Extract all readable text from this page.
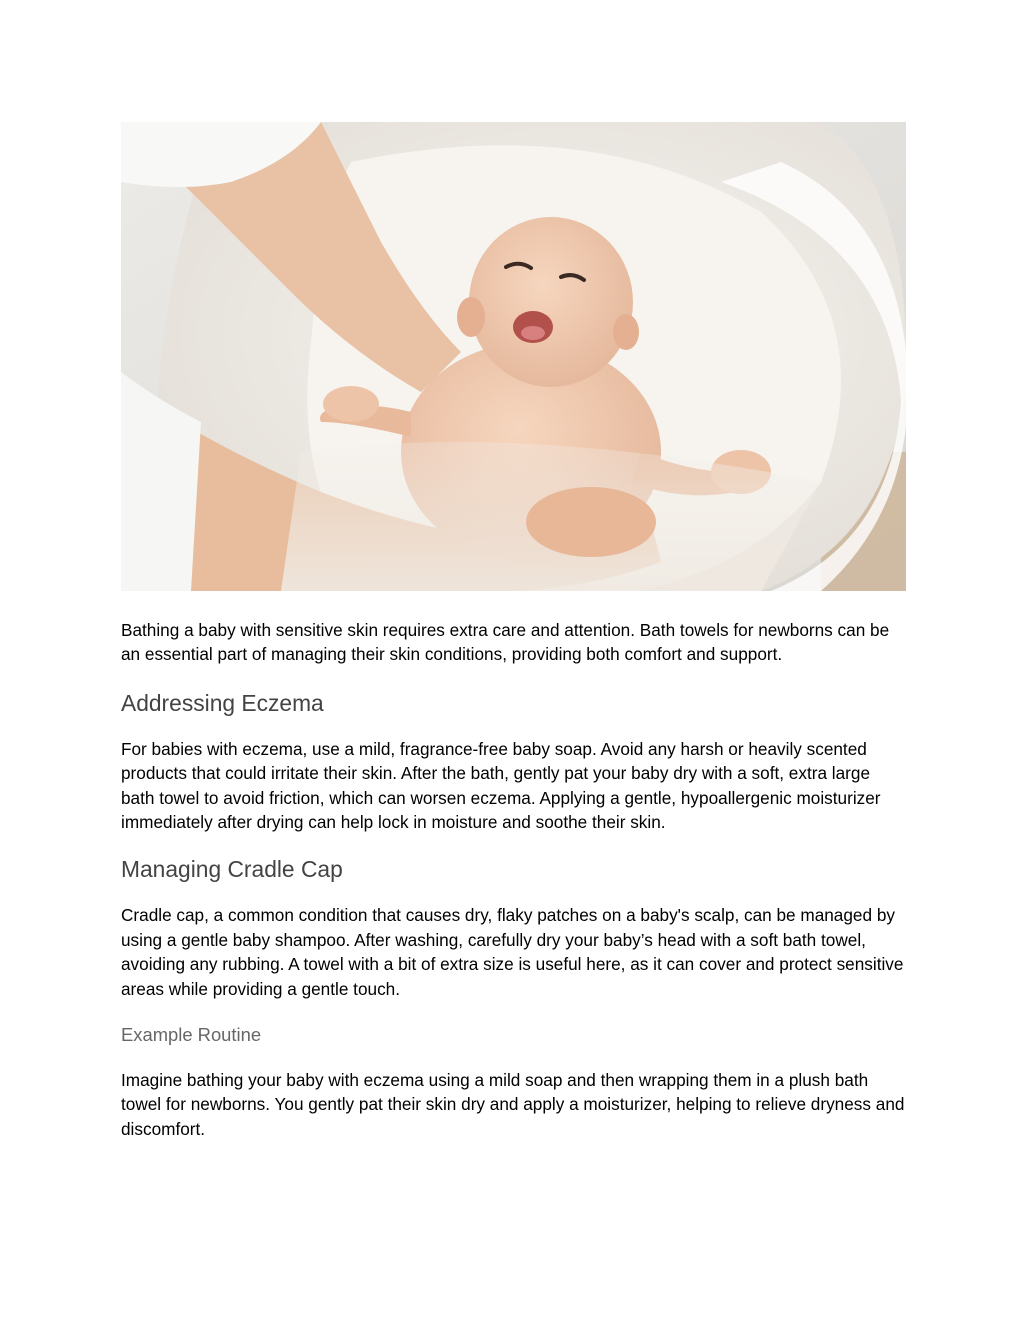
Bathing a baby with sensitive skin requires extra care and attention. Bath towels for newborns can be an essential part of managing their skin conditions, providing both comfort and support.

Addressing Eczema

For babies with eczema, use a mild, fragrance-free baby soap. Avoid any harsh or heavily scented products that could irritate their skin. After the bath, gently pat your baby dry with a soft, extra large bath towel to avoid friction, which can worsen eczema. Applying a gentle, hypoallergenic moisturizer immediately after drying can help lock in moisture and soothe their skin.

Managing Cradle Cap

Cradle cap, a common condition that causes dry, flaky patches on a baby's scalp, can be managed by using a gentle baby shampoo. After washing, carefully dry your baby’s head with a soft bath towel, avoiding any rubbing. A towel with a bit of extra size is useful here, as it can cover and protect sensitive areas while providing a gentle touch.

Example Routine

Imagine bathing your baby with eczema using a mild soap and then wrapping them in a plush bath towel for newborns. You gently pat their skin dry and apply a moisturizer, helping to relieve dryness and discomfort.
